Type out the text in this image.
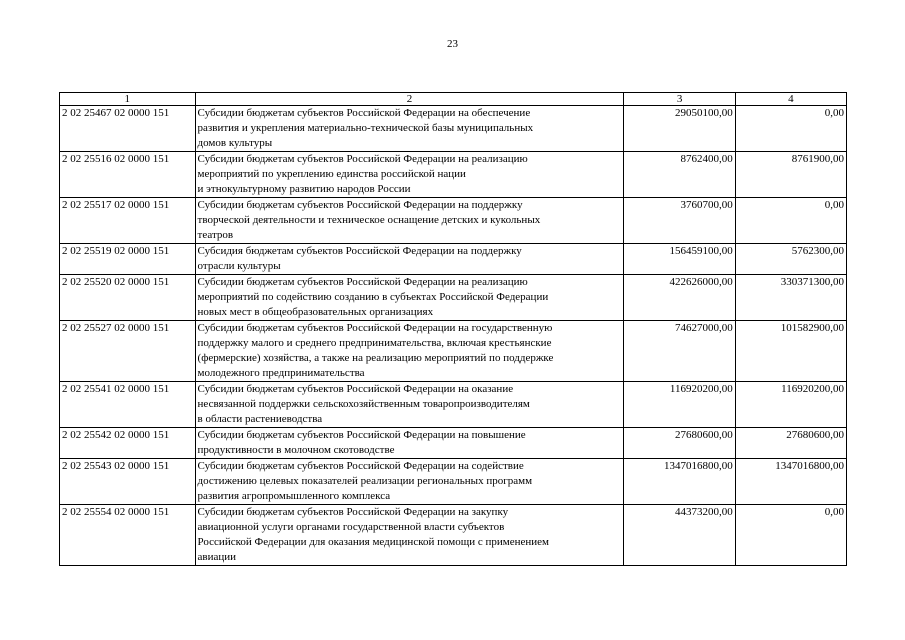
23
1	2	3	4
2 02 25467 02 0000 151	Субсидии бюджетам субъектов Российской Федерации на обеспечение
развития и укрепления материально-технической базы муниципальных
домов культуры	29050100,00	0,00
2 02 25516 02 0000 151	Субсидии бюджетам субъектов Российской Федерации на реализацию
мероприятий по укреплению единства российской нации
и этнокультурному развитию народов России	8762400,00	8761900,00
2 02 25517 02 0000 151	Субсидии бюджетам субъектов Российской Федерации на поддержку
творческой деятельности и техническое оснащение детских и кукольных
театров	3760700,00	0,00
2 02 25519 02 0000 151	Субсидия бюджетам субъектов Российской Федерации на поддержку
отрасли культуры	156459100,00	5762300,00
2 02 25520 02 0000 151	Субсидии бюджетам субъектов Российской Федерации на реализацию
мероприятий по содействию созданию в субъектах Российской Федерации
новых мест в общеобразовательных организациях	422626000,00	330371300,00
2 02 25527 02 0000 151	Субсидии бюджетам субъектов Российской Федерации на государственную
поддержку малого и среднего предпринимательства, включая крестьянские
(фермерские) хозяйства, а также на реализацию мероприятий по поддержке
молодежного предпринимательства	74627000,00	101582900,00
2 02 25541 02 0000 151	Субсидии бюджетам субъектов Российской Федерации на оказание
несвязанной поддержки сельскохозяйственным товаропроизводителям
в области растениеводства	116920200,00	116920200,00
2 02 25542 02 0000 151	Субсидии бюджетам субъектов Российской Федерации на повышение
продуктивности в молочном скотоводстве	27680600,00	27680600,00
2 02 25543 02 0000 151	Субсидии бюджетам субъектов Российской Федерации на содействие
достижению целевых показателей реализации региональных программ
развития агропромышленного комплекса	1347016800,00	1347016800,00
2 02 25554 02 0000 151	Субсидии бюджетам субъектов Российской Федерации на закупку
авиационной услуги органами государственной власти субъектов
Российской Федерации для оказания медицинской помощи с применением
авиации	44373200,00	0,00
